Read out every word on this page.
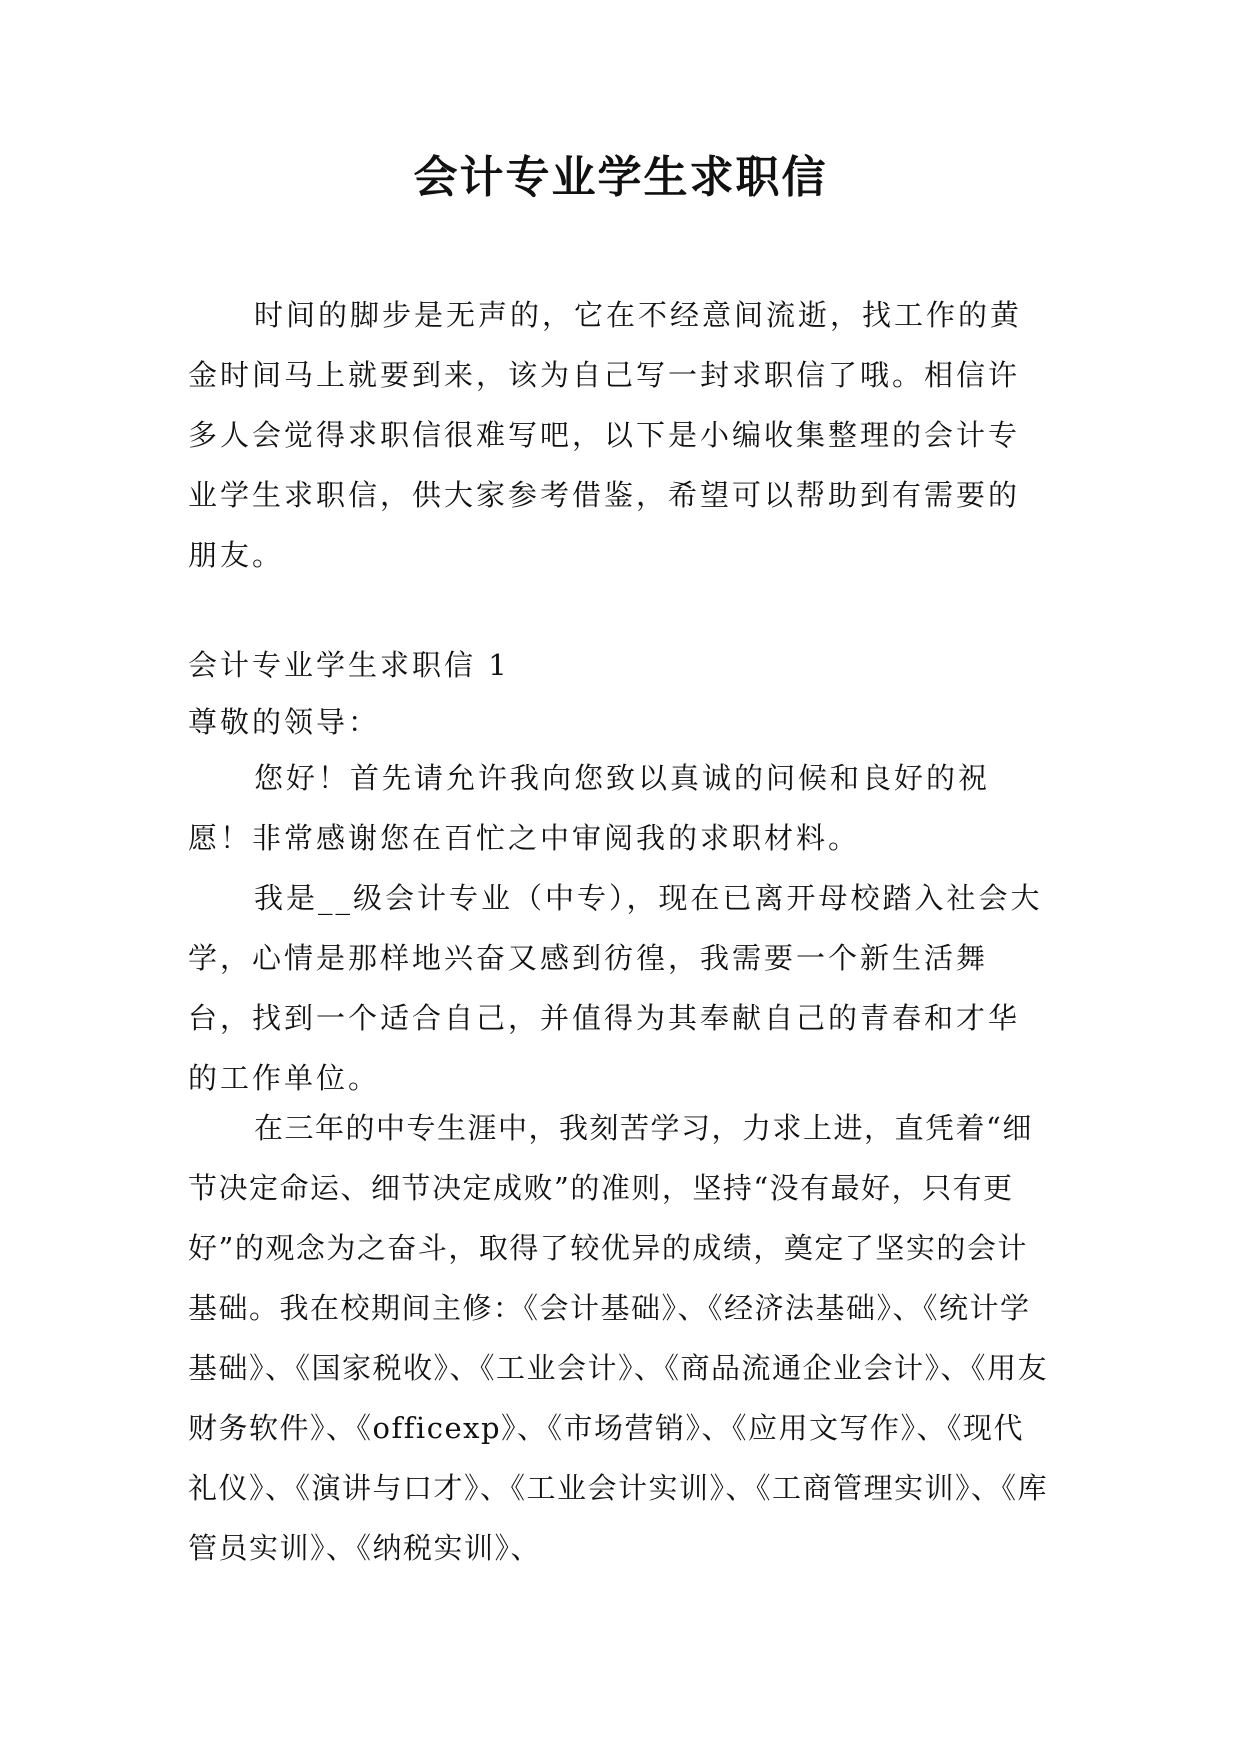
会计专业学生求职信

时间的脚步是无声的，它在不经意间流逝，找工作的黄金时间马上就要到来，该为自己写一封求职信了哦。相信许多人会觉得求职信很难写吧，以下是小编收集整理的会计专业学生求职信，供大家参考借鉴，希望可以帮助到有需要的朋友。

会计专业学生求职信 1

尊敬的领导：

您好！首先请允许我向您致以真诚的问候和良好的祝愿！非常感谢您在百忙之中审阅我的求职材料。

我是__级会计专业（中专），现在已离开母校踏入社会大学，心情是那样地兴奋又感到彷徨，我需要一个新生活舞台，找到一个适合自己，并值得为其奉献自己的青春和才华的工作单位。

在三年的中专生涯中，我刻苦学习，力求上进，直凭着“细节决定命运、细节决定成败”的准则，坚持“没有最好，只有更好”的观念为之奋斗，取得了较优异的成绩，奠定了坚实的会计基础。我在校期间主修：《会计基础》、《经济法基础》、《统计学基础》、《国家税收》、《工业会计》、《商品流通企业会计》、《用友财务软件》、《officexp》、《市场营销》、《应用文写作》、《现代礼仪》、《演讲与口才》、《工业会计实训》、《工商管理实训》、《库管员实训》、《纳税实训》、
